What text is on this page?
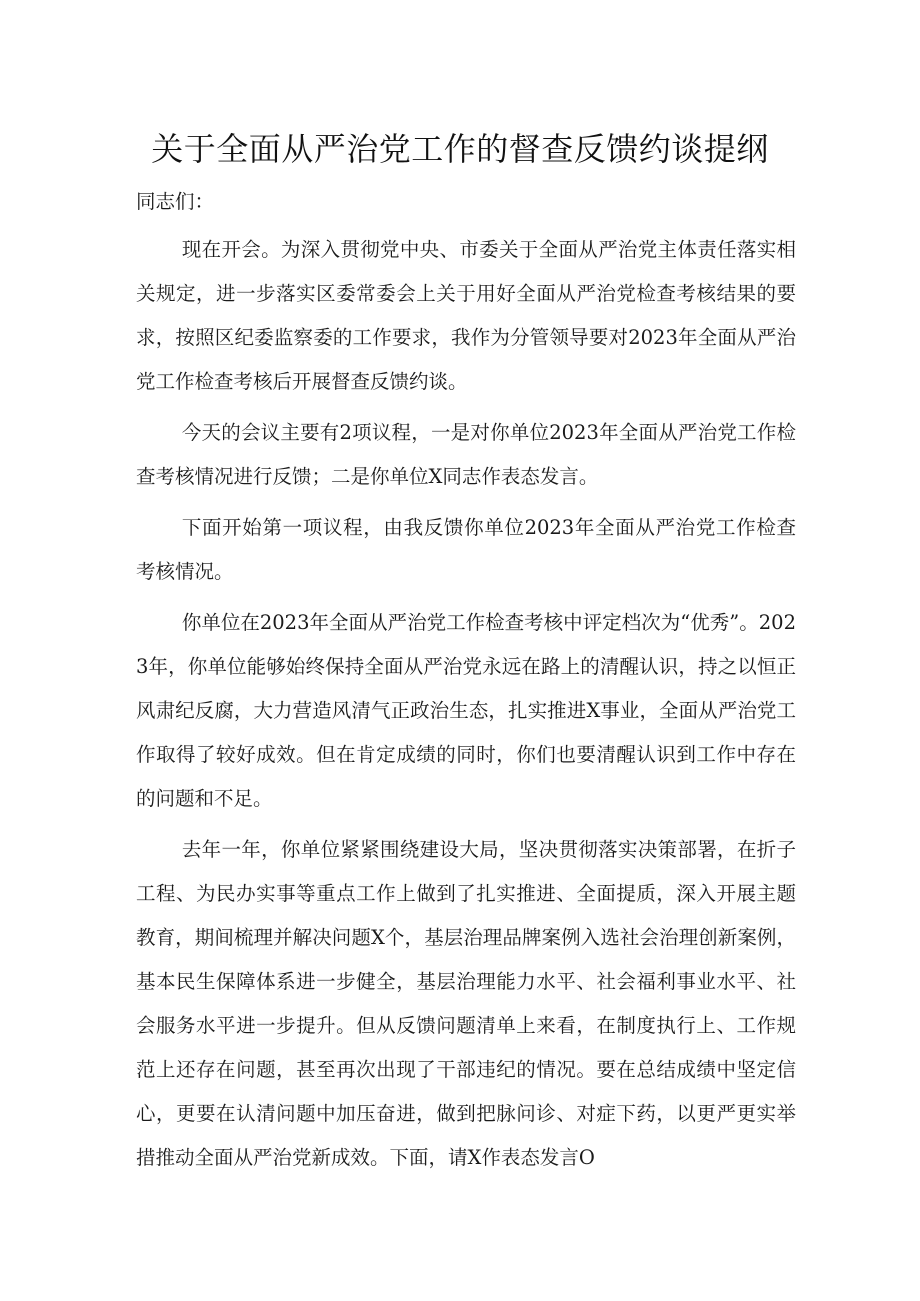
关于全面从严治党工作的督查反馈约谈提纲
同志们：

现在开会。为深入贯彻党中央、市委关于全面从严治党主体责任落实相关规定，进一步落实区委常委会上关于用好全面从严治党检查考核结果的要求，按照区纪委监察委的工作要求，我作为分管领导要对2023年全面从严治党工作检查考核后开展督查反馈约谈。

今天的会议主要有2项议程，一是对你单位2023年全面从严治党工作检查考核情况进行反馈；二是你单位X同志作表态发言。

下面开始第一项议程，由我反馈你单位2023年全面从严治党工作检查考核情况。

你单位在2023年全面从严治党工作检查考核中评定档次为“优秀”。2023年，你单位能够始终保持全面从严治党永远在路上的清醒认识，持之以恒正风肃纪反腐，大力营造风清气正政治生态，扎实推进X事业，全面从严治党工作取得了较好成效。但在肯定成绩的同时，你们也要清醒认识到工作中存在的问题和不足。

去年一年，你单位紧紧围绕建设大局，坚决贯彻落实决策部署，在折子工程、为民办实事等重点工作上做到了扎实推进、全面提质，深入开展主题教育，期间梳理并解决问题X个，基层治理品牌案例入选社会治理创新案例，基本民生保障体系进一步健全，基层治理能力水平、社会福利事业水平、社会服务水平进一步提升。但从反馈问题清单上来看，在制度执行上、工作规范上还存在问题，甚至再次出现了干部违纪的情况。要在总结成绩中坚定信心，更要在认清问题中加压奋进，做到把脉问诊、对症下药，以更严更实举措推动全面从严治党新成效。下面，请X作表态发言O
